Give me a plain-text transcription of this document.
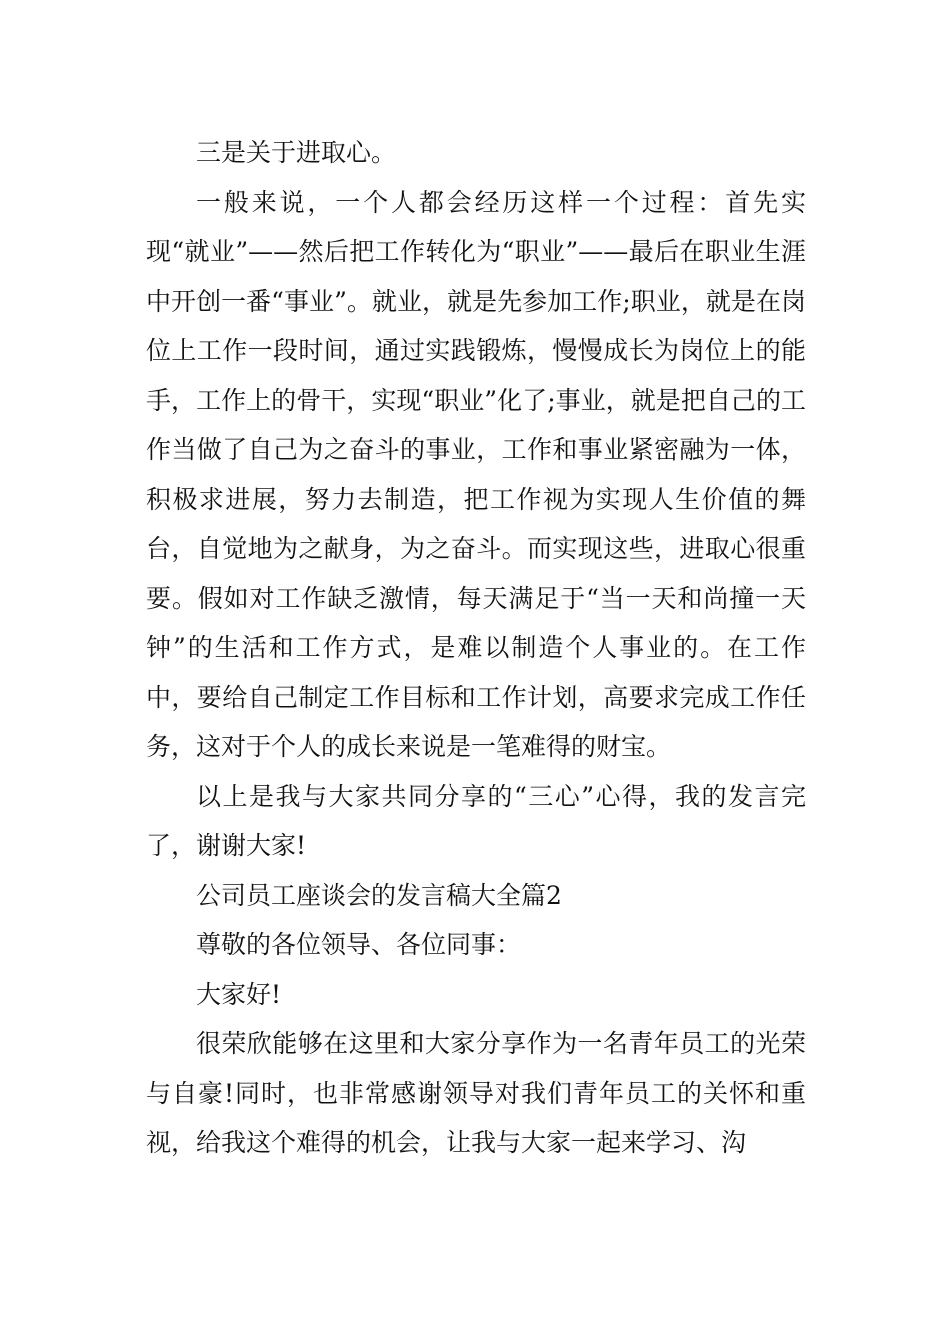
三是关于进取心。

一般来说，一个人都会经历这样一个过程：首先实现“就业”——然后把工作转化为“职业”——最后在职业生涯中开创一番“事业”。就业，就是先参加工作;职业，就是在岗位上工作一段时间，通过实践锻炼，慢慢成长为岗位上的能手，工作上的骨干，实现“职业”化了;事业，就是把自己的工作当做了自己为之奋斗的事业，工作和事业紧密融为一体，积极求进展，努力去制造，把工作视为实现人生价值的舞台，自觉地为之献身，为之奋斗。而实现这些，进取心很重要。假如对工作缺乏激情，每天满足于“当一天和尚撞一天钟”的生活和工作方式，是难以制造个人事业的。在工作中，要给自己制定工作目标和工作计划，高要求完成工作任务，这对于个人的成长来说是一笔难得的财宝。

以上是我与大家共同分享的“三心”心得，我的发言完了，谢谢大家!

公司员工座谈会的发言稿大全篇2

尊敬的各位领导、各位同事：

大家好!

很荣欣能够在这里和大家分享作为一名青年员工的光荣与自豪!同时，也非常感谢领导对我们青年员工的关怀和重视，给我这个难得的机会，让我与大家一起来学习、沟
